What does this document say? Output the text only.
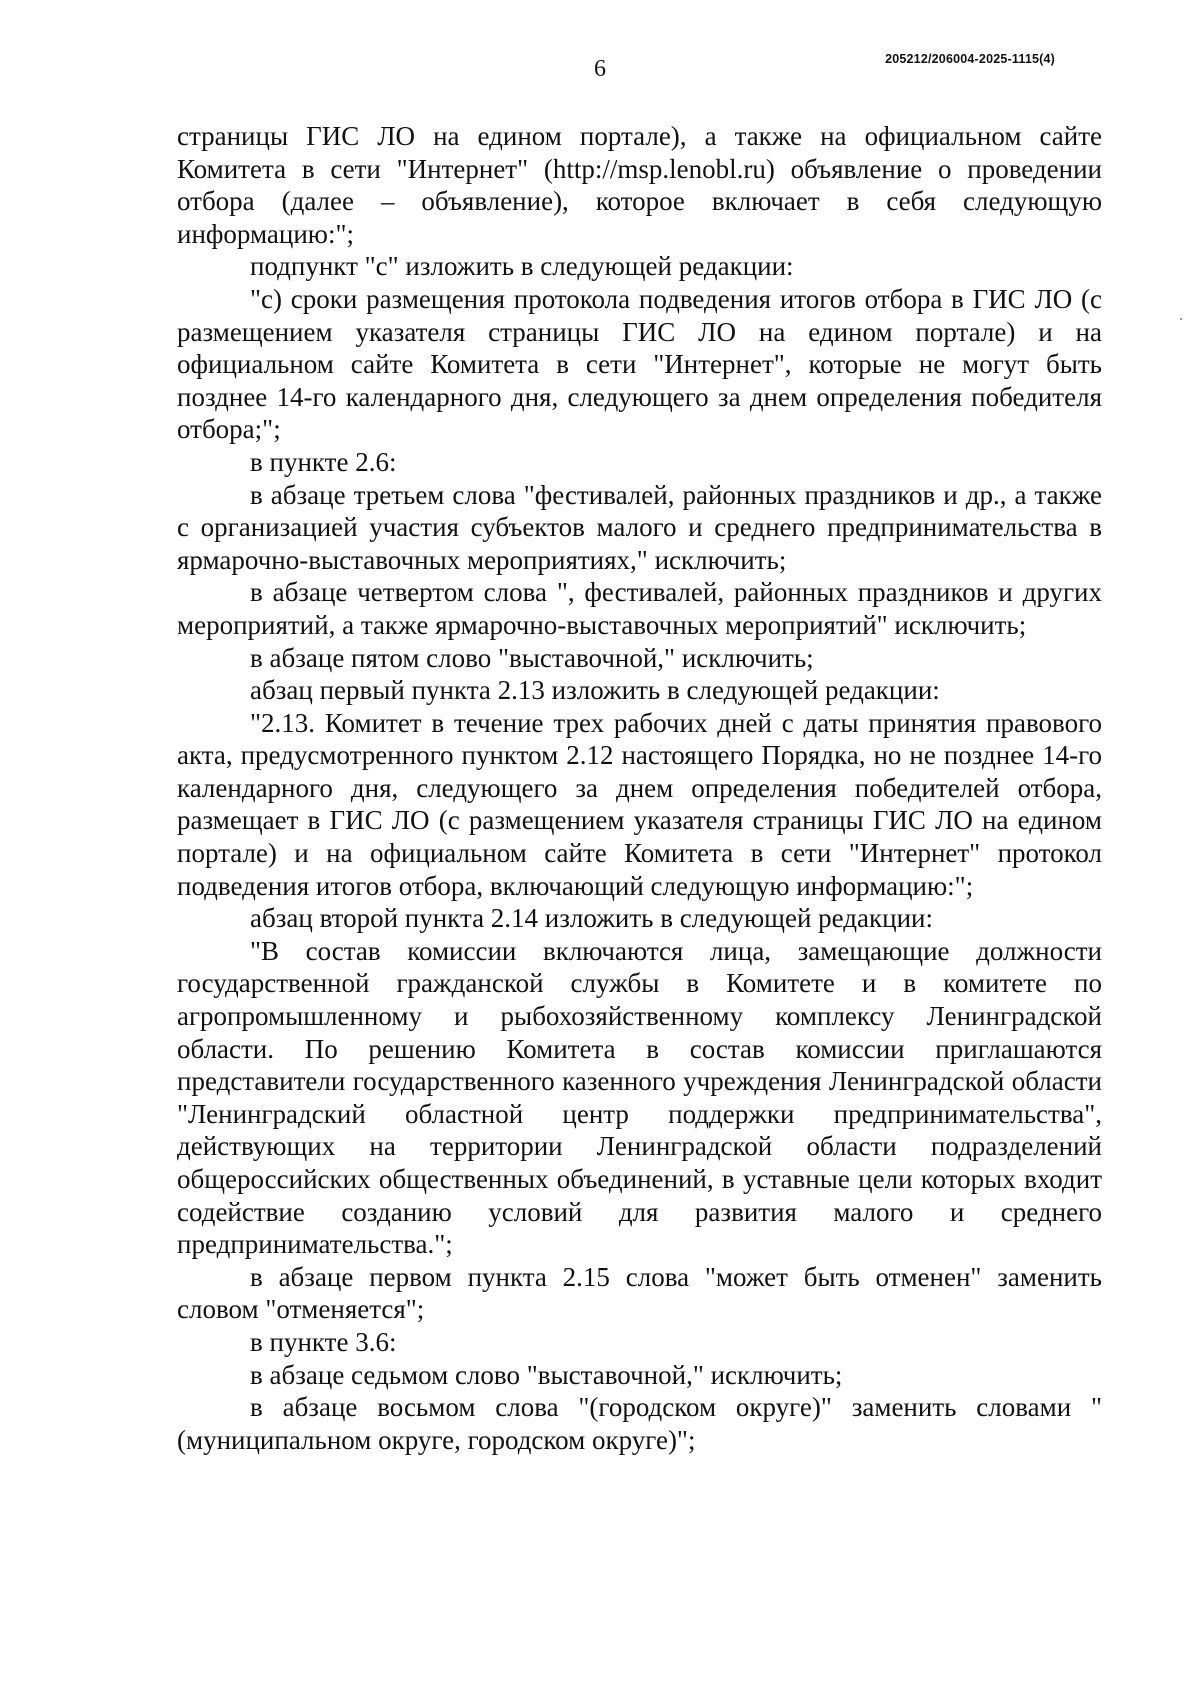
6	205212/206004-2025-1115(4)

страницы ГИС ЛО на едином портале), а также на официальном сайте Комитета в сети "Интернет" (http://msp.lenobl.ru) объявление о проведении отбора (далее – объявление), которое включает в себя следующую информацию:";

подпункт "c" изложить в следующей редакции:

"c) сроки размещения протокола подведения итогов отбора в ГИС ЛО (с размещением указателя страницы ГИС ЛО на едином портале) и на официальном сайте Комитета в сети "Интернет", которые не могут быть позднее 14-го календарного дня, следующего за днем определения победителя отбора;";

в пункте 2.6:

в абзаце третьем слова "фестивалей, районных праздников и др., а также с организацией участия субъектов малого и среднего предпринимательства в ярмарочно-выставочных мероприятиях," исключить;

в абзаце четвертом слова ", фестивалей, районных праздников и других мероприятий, а также ярмарочно-выставочных мероприятий" исключить;

в абзаце пятом слово "выставочной," исключить;

абзац первый пункта 2.13 изложить в следующей редакции:

"2.13. Комитет в течение трех рабочих дней с даты принятия правового акта, предусмотренного пунктом 2.12 настоящего Порядка, но не позднее 14-го календарного дня, следующего за днем определения победителей отбора, размещает в ГИС ЛО (с размещением указателя страницы ГИС ЛО на едином портале) и на официальном сайте Комитета в сети "Интернет" протокол подведения итогов отбора, включающий следующую информацию:";

абзац второй пункта 2.14 изложить в следующей редакции:

"В состав комиссии включаются лица, замещающие должности государственной гражданской службы в Комитете и в комитете по агропромышленному и рыбохозяйственному комплексу Ленинградской области. По решению Комитета в состав комиссии приглашаются представители государственного казенного учреждения Ленинградской области "Ленинградский областной центр поддержки предпринимательства", действующих на территории Ленинградской области подразделений общероссийских общественных объединений, в уставные цели которых входит содействие созданию условий для развития малого и среднего предпринимательства.";

в абзаце первом пункта 2.15 слова "может быть отменен" заменить словом "отменяется";

в пункте 3.6:

в абзаце седьмом слово "выставочной," исключить;

в абзаце восьмом слова "(городском округе)" заменить словами "(муниципальном округе, городском округе)";
